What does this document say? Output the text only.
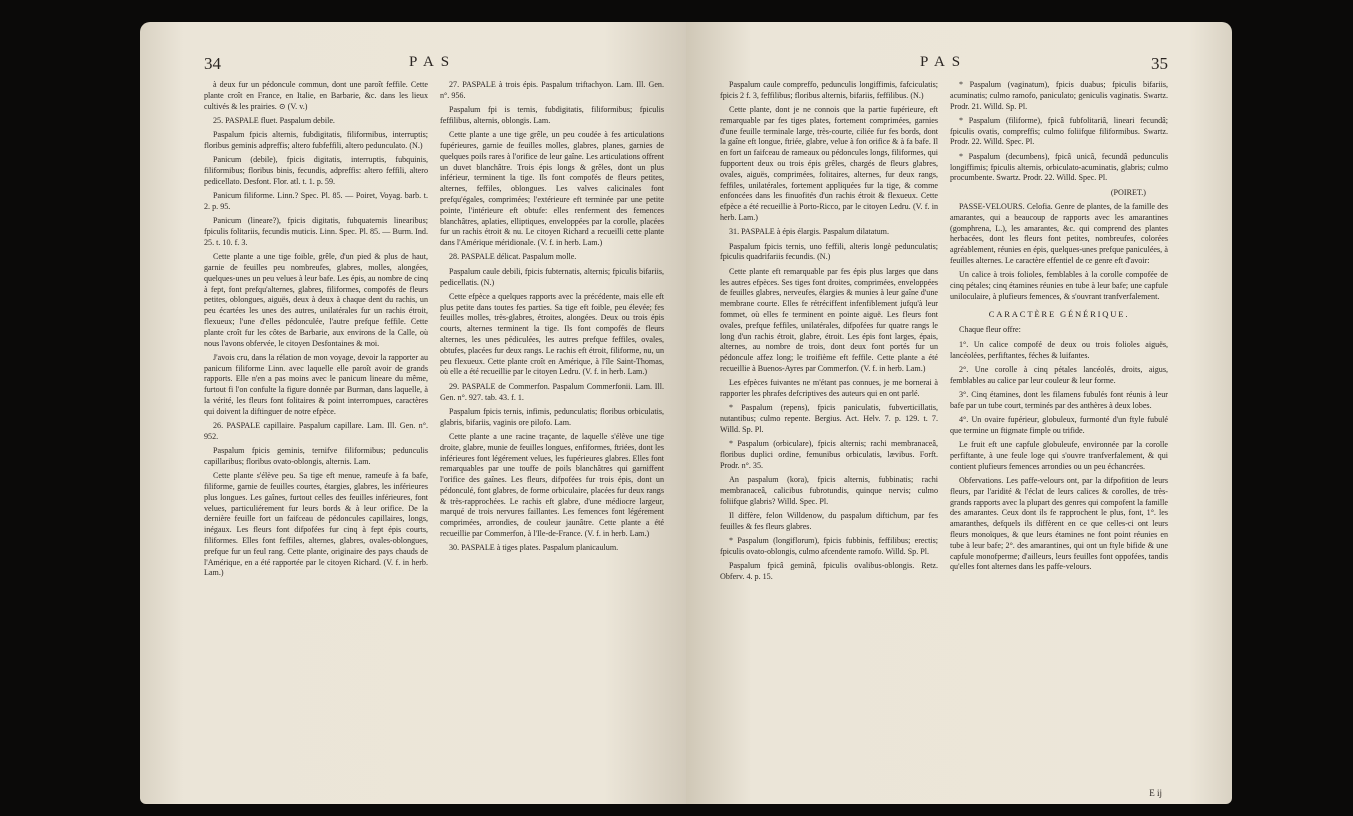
34	PAS

à deux fur un pédoncule commun, dont une paroît feffile. Cette plante croît en France, en Italie, en Barbarie, &c. dans les lieux cultivés & les prairies. ⊙ (V. v.)

25. PASPALE fluet. Paspalum debile.

Paspalum fpicis alternis, fubdigitatis, filiformibus, interruptis; floribus geminis adpreffis; altero fubfeffili, altero pedunculato. (N.)

Panicum (debile), fpicis digitatis, interruptis, fubquinis, filiformibus; floribus binis, fecundis, adpreffis: altero feffili, altero pedicellato. Desfont. Flor. atl. t. 1. p. 59.

Panicum filiforme. Linn.? Spec. Pl. 85. — Poiret, Voyag. barb. t. 2. p. 95.

Panicum (lineare?), fpicis digitatis, fubquaternis linearibus; fpiculis folitariis, fecundis muticis. Linn. Spec. Pl. 85. — Burm. Ind. 25. t. 10. f. 3.

Cette plante a une tige foible, grêle, d'un pied & plus de haut, garnie de feuilles peu nombreufes, glabres, molles, alongées, quelques-unes un peu velues à leur bafe. Les épis, au nombre de cinq à fept, font prefqu'alternes, glabres, filiformes, compofés de fleurs petites, oblongues, aiguës, deux à deux à chaque dent du rachis, un peu écartées les unes des autres, unilatérales fur un rachis étroit, flexueux; l'une d'elles pédonculée, l'autre prefque feffile. Cette plante croît fur les côtes de Barbarie, aux environs de la Calle, où nous l'avons obfervée, le citoyen Desfontaines & moi.

J'avois cru, dans la rélation de mon voyage, devoir la rapporter au panicum filiforme Linn. avec laquelle elle paroît avoir de grands rapports. Elle n'en a pas moins avec le panicum lineare du même, furtout fi l'on confulte la figure donnée par Burman, dans laquelle, à la vérité, les fleurs font folitaires & point interrompues, caractères qui doivent la diftinguer de notre efpèce.

26. PASPALE capillaire. Paspalum capillare. Lam. Ill. Gen. n°. 952.

Paspalum fpicis geminis, ternifve filiformibus; pedunculis capillaribus; floribus ovato-oblongis, alternis. Lam.

Cette plante s'élève peu. Sa tige eft menue, rameufe à fa bafe, filiforme, garnie de feuilles courtes, étargies, glabres, les inférieures plus longues. Les gaînes, furtout celles des feuilles inférieures, font velues, particuliérement fur leurs bords & à leur orifice. De la dernière feuille fort un faifceau de pédoncules capillaires, longs, inégaux. Les fleurs font difpofées fur cinq à fept épis courts, filiformes. Elles font feffiles, alternes, glabres, ovales-oblongues, prefque fur un feul rang. Cette plante, originaire des pays chauds de l'Amérique, en a été rapportée par le citoyen Richard. (V. f. in herb. Lam.)

27. PASPALE à trois épis. Paspalum triftachyon. Lam. Ill. Gen. n°. 956.

Paspalum fpi is ternis, fubdigitatis, filiformibus; fpiculis feffilibus, alternis, oblongis. Lam.

Cette plante a une tige grêle, un peu coudée à fes articulations fupérieures, garnie de feuilles molles, glabres, planes, garnies de quelques poils rares à l'orifice de leur gaîne. Les articulations offrent un duvet blanchâtre. Trois épis longs & grêles, dont un plus inférieur, terminent la tige. Ils font compofés de fleurs petites, alternes, feffiles, oblongues. Les valves calicinales font prefqu'égales, comprimées; l'extérieure eft terminée par une petite pointe, l'intérieure eft obtufe: elles renferment des femences blanchâtres, aplaties, elliptiques, enveloppées par la corolle, placées fur un rachis étroit & nu. Le citoyen Richard a recueilli cette plante dans l'Amérique méridionale. (V. f. in herb. Lam.)

28. PASPALE délicat. Paspalum molle.

Paspalum caule debili, fpicis fubternatis, alternis; fpiculis bifariis, pedicellatis. (N.)

Cette efpèce a quelques rapports avec la précédente, mais elle eft plus petite dans toutes fes parties. Sa tige eft foible, peu élevée; fes feuilles molles, très-glabres, étroites, alongées. Deux ou trois épis courts, alternes terminent la tige. Ils font compofés de fleurs alternes, les unes pédiculées, les autres prefque feffiles, ovales, obtufes, placées fur deux rangs. Le rachis eft étroit, filiforme, nu, un peu flexueux. Cette plante croît en Amérique, à l'île Saint-Thomas, où elle a été recueillie par le citoyen Ledru. (V. f. in herb. Lam.)

29. PASPALE de Commerfon. Paspalum Commerfonii. Lam. Ill. Gen. n°. 927. tab. 43. f. 1.

Paspalum fpicis ternis, infimis, pedunculatis; floribus orbiculatis, glabris, bifariis, vaginis ore pilofo. Lam.

Cette plante a une racine traçante, de laquelle s'élève une tige droite, glabre, munie de feuilles longues, enfiformes, ftriées, dont les inférieures font légérement velues, les fupérieures glabres. Elles font remarquables par une touffe de poils blanchâtres qui garniffent l'orifice des gaînes. Les fleurs, difpofées fur trois épis, dont un pédonculé, font glabres, de forme orbiculaire, placées fur deux rangs & très-rapprochées. Le rachis eft glabre, d'une médiocre largeur, marqué de trois nervures faillantes. Les femences font légérement comprimées, arrondies, de couleur jaunâtre. Cette plante a été recueillie par Commerfon, à l'Ile-de-France. (V. f. in herb. Lam.)

30. PASPALE à tiges plates. Paspalum planicaulum.

PAS	35

Paspalum caule compreffo, pedunculis longiffimis, fafciculatis; fpicis 2 f. 3, feffilibus; floribus alternis, bifariis, feffilibus. (N.)

Cette plante, dont je ne connois que la partie fupérieure, eft remarquable par fes tiges plates, fortement comprimées, garnies d'une feuille terminale large, très-courte, ciliée fur fes bords, dont la gaîne eft longue, ftriée, glabre, velue à fon orifice & à fa bafe. Il en fort un faifceau de rameaux ou pédoncules longs, filiformes, qui fupportent deux ou trois épis grêles, chargés de fleurs glabres, ovales, aiguës, comprimées, folitaires, alternes, fur deux rangs, feffiles, unilatérales, fortement appliquées fur la tige, & comme enfoncées dans les finuofités d'un rachis étroit & flexueux. Cette efpèce a été recueillie à Porto-Ricco, par le citoyen Ledru. (V. f. in herb. Lam.)

31. PASPALE à épis élargis. Paspalum dilatatum.

Paspalum fpicis ternis, uno feffili, alteris longè pedunculatis; fpiculis quadrifariis fecundis. (N.)

Cette plante eft remarquable par fes épis plus larges que dans les autres efpèces. Ses tiges font droites, comprimées, enveloppées de feuilles glabres, nerveufes, élargies & munies à leur gaîne d'une membrane courte. Elles fe rétréciffent infenfiblement jufqu'à leur fommet, où elles fe terminent en pointe aiguë. Les fleurs font ovales, prefque feffiles, unilatérales, difpofées fur quatre rangs le long d'un rachis étroit, glabre, étroit. Les épis font larges, épais, alternes, au nombre de trois, dont deux font portés fur un pédoncule affez long; le troifième eft feffile. Cette plante a été recueillie à Buenos-Ayres par Commerfon. (V. f. in herb. Lam.)

Les efpèces fuivantes ne m'étant pas connues, je me bornerai à rapporter les phrafes defcriptives des auteurs qui en ont parlé.

* Paspalum (repens), fpicis paniculatis, fubverticillatis, nutantibus; culmo repente. Bergius. Act. Helv. 7. p. 129. t. 7. Willd. Sp. Pl.

* Paspalum (orbiculare), fpicis alternis; rachi membranaceâ, floribus duplici ordine, femunibus orbiculatis, lævibus. Forft. Prodr. n°. 35.

An paspalum (kora), fpicis alternis, fubbinatis; rachi membranaceâ, calicibus fubrotundis, quinque nervis; culmo foliifque glabris? Willd. Spec. Pl.

Il diffère, felon Willdenow, du paspalum diftichum, par fes feuilles & fes fleurs glabres.

* Paspalum (longiflorum), fpicis fubbinis, feffilibus; erectis; fpiculis ovato-oblongis, culmo afcendente ramofo. Willd. Sp. Pl.

Paspalum fpicâ geminâ, fpiculis ovalibus-oblongis. Retz. Obferv. 4. p. 15.

* Paspalum (vaginatum), fpicis duabus; fpiculis bifariis, acuminatis; culmo ramofo, paniculato; geniculis vaginatis. Swartz. Prodr. 21. Willd. Sp. Pl.

* Paspalum (filiforme), fpicâ fubfolitariâ, lineari fecundâ; fpiculis ovatis, compreffis; culmo foliifque filiformibus. Swartz. Prodr. 22. Willd. Spec. Pl.

* Paspalum (decumbens), fpicâ unicâ, fecundâ pedunculis longiffimis; fpiculis alternis, orbiculato-acuminatis, glabris; culmo procumbente. Swartz. Prodr. 22. Willd. Spec. Pl.

(POIRET.)

PASSE-VELOURS. Celofia. Genre de plantes, de la famille des amarantes, qui a beaucoup de rapports avec les amarantines (gomphrena, L.), les amarantes, &c. qui comprend des plantes herbacées, dont les fleurs font petites, nombreufes, colorées agréablement, réunies en épis, quelques-unes prefque paniculées, à feuilles alternes. Le caractère effentiel de ce genre eft d'avoir:

Un calice à trois folioles, femblables à la corolle compofée de cinq pétales; cinq étamines réunies en tube à leur bafe; une capfule uniloculaire, à plufieurs femences, & s'ouvrant tranfverfalement.

CARACTÈRE GÉNÉRIQUE.

Chaque fleur offre:

1°. Un calice compofé de deux ou trois folioles aiguës, lancéolées, perfiftantes, féches & luifantes.

2°. Une corolle à cinq pétales lancéolés, droits, aigus, femblables au calice par leur couleur & leur forme.

3°. Cinq étamines, dont les filamens fubulés font réunis à leur bafe par un tube court, terminés par des anthères à deux lobes.

4°. Un ovaire fupérieur, globuleux, furmonté d'un ftyle fubulé que termine un ftigmate fimple ou trifide.

Le fruit eft une capfule globuleufe, environnée par la corolle perfiftante, à une feule loge qui s'ouvre tranfverfalement, & qui contient plufieurs femences arrondies ou un peu échancrées.

Obfervations. Les paffe-velours ont, par la difpofition de leurs fleurs, par l'aridité & l'éclat de leurs calices & corolles, de très-grands rapports avec la plupart des genres qui compofent la famille des amarantes. Ceux dont ils fe rapprochent le plus, font, 1°. les amaranthes, defquels ils diffèrent en ce que celles-ci ont leurs fleurs monoïques, & que leurs étamines ne font point réunies en tube à leur bafe; 2°. des amarantines, qui ont un ftyle bifide & une capfule monofperme; d'ailleurs, leurs feuilles font oppofées, tandis qu'elles font alternes dans les paffe-velours.

E ij
